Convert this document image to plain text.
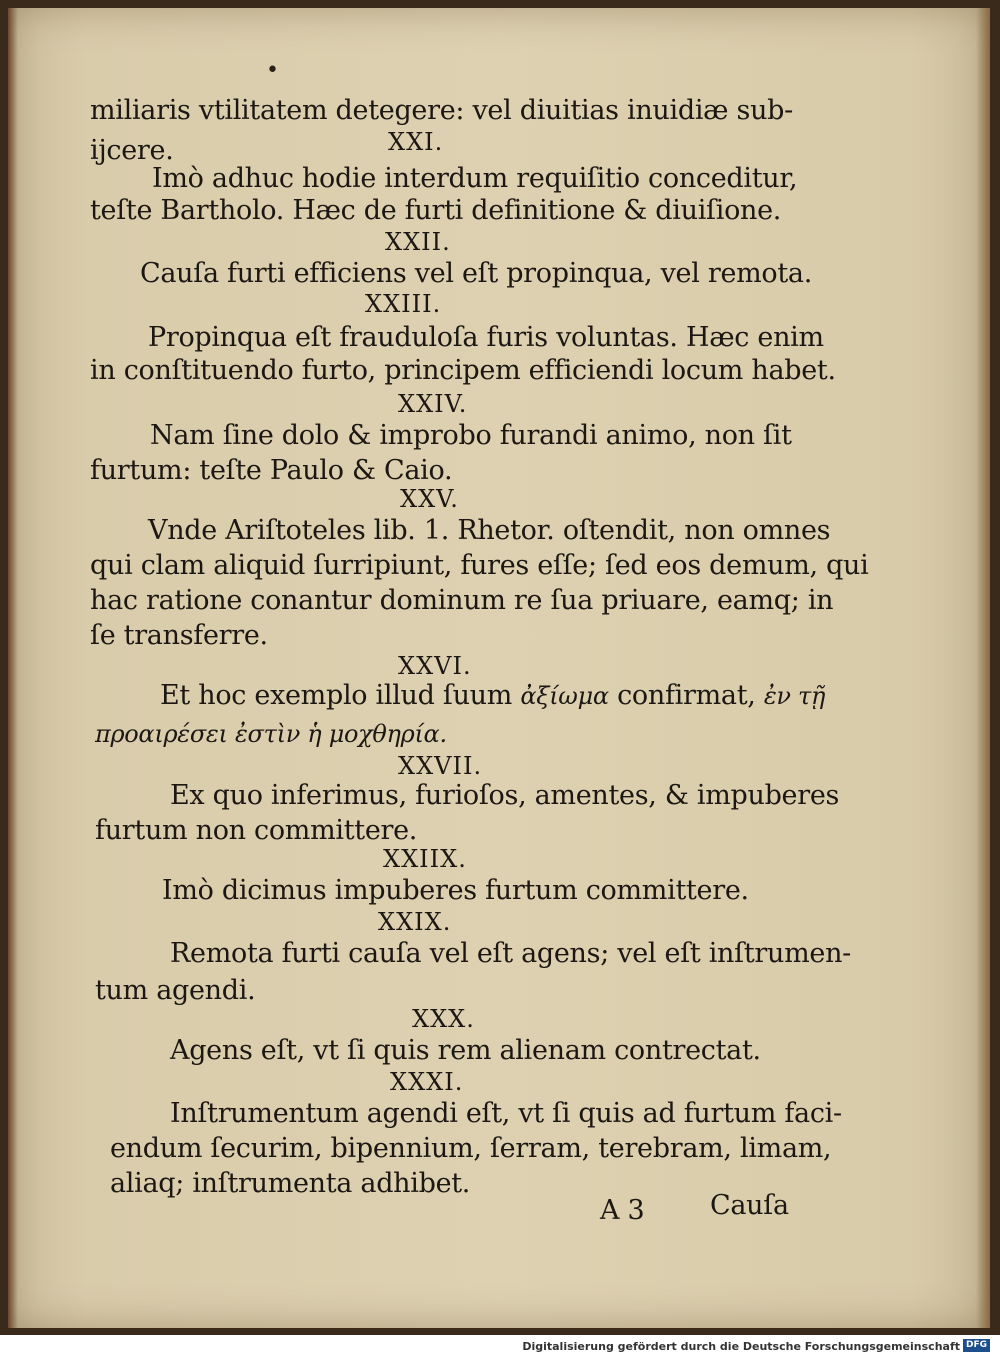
•
miliaris vtilitatem detegere: vel diuitias inuidiæ sub-
ijcere.	XXI.
Imò adhuc hodie interdum requiſitio conceditur,
teſte Bartholo. Hæc de furti definitione & diuiſione.
XXII.
Cauſa furti efficiens vel eſt propinqua, vel remota.
XXIII.
Propinqua eſt frauduloſa furis voluntas. Hæc enim
in conſtituendo furto, principem efficiendi locum habet.
XXIV.
Nam ſine dolo & improbo furandi animo, non ſit
furtum: teſte Paulo & Caio.
XXV.
Vnde Ariſtoteles lib. 1. Rhetor. oſtendit, non omnes
qui clam aliquid ſurripiunt, fures eſſe; ſed eos demum, qui
hac ratione conantur dominum re ſua priuare, eamq; in
ſe transferre.
XXVI.
Et hoc exemplo illud ſuum ἀξίωμα confirmat, ἐν τῇ
προαιρέσει ἐστὶν ἡ μοχθηρία.
XXVII.
Ex quo inferimus, furioſos, amentes, & impuberes
furtum non committere.
XXIIX.
Imò dicimus impuberes furtum committere.
XXIX.
Remota furti cauſa vel eſt agens; vel eſt inſtrumen-
tum agendi.
XXX.
Agens eſt, vt ſi quis rem alienam contrectat.
XXXI.
Inſtrumentum agendi eſt, vt ſi quis ad furtum faci-
endum ſecurim, bipennium, ſerram, terebram, limam,
aliaq; inſtrumenta adhibet.
A 3 Cauſa
Digitalisierung gefördert durch die Deutsche Forschungsgemeinschaft DFG
